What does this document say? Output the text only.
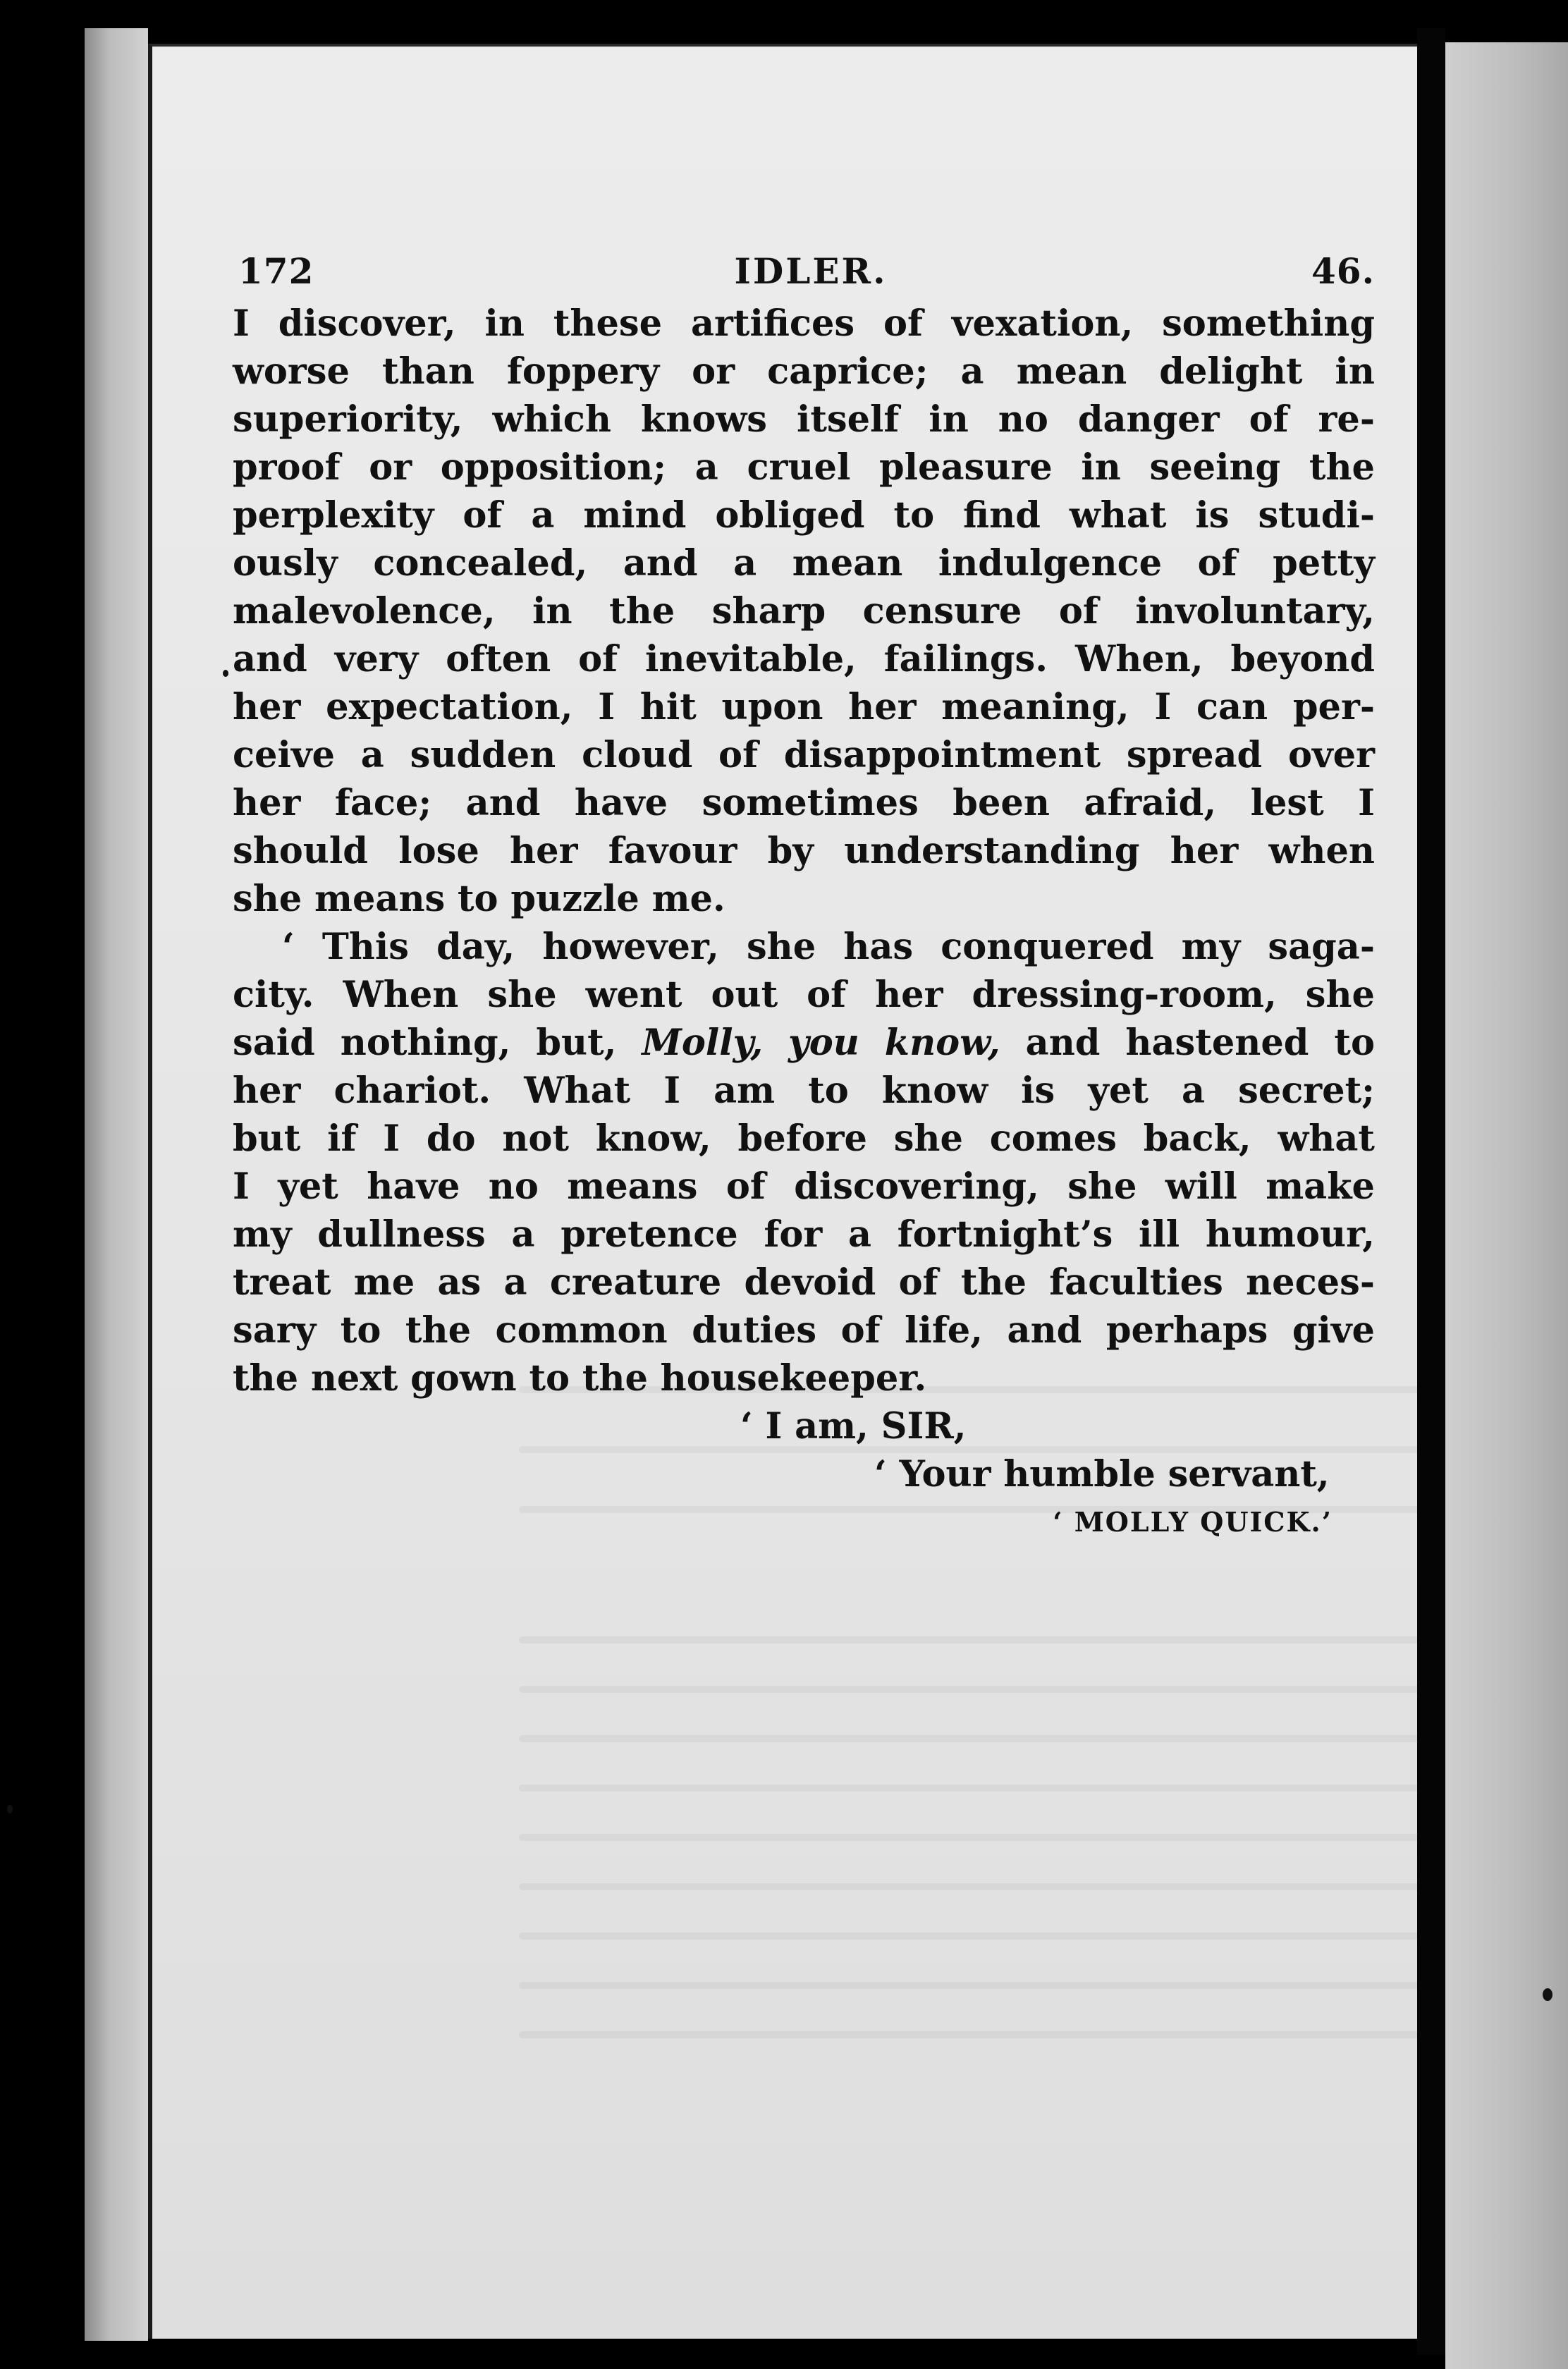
172	IDLER.	46.
I discover, in these artifices of vexation, something
worse than foppery or caprice; a mean delight in
superiority, which knows itself in no danger of re-
proof or opposition; a cruel pleasure in seeing the
perplexity of a mind obliged to find what is studi-
ously concealed, and a mean indulgence of petty
malevolence, in the sharp censure of involuntary,
and very often of inevitable, failings. When, beyond
her expectation, I hit upon her meaning, I can per-
ceive a sudden cloud of disappointment spread over
her face; and have sometimes been afraid, lest I
should lose her favour by understanding her when
she means to puzzle me.
‘ This day, however, she has conquered my saga-
city. When she went out of her dressing-room, she
said nothing, but, Molly, you know, and hastened to
her chariot. What I am to know is yet a secret;
but if I do not know, before she comes back, what
I yet have no means of discovering, she will make
my dullness a pretence for a fortnight’s ill humour,
treat me as a creature devoid of the faculties neces-
sary to the common duties of life, and perhaps give
the next gown to the housekeeper.
‘ I am, SIR,
‘ Your humble servant,
‘ MOLLY QUICK.’
